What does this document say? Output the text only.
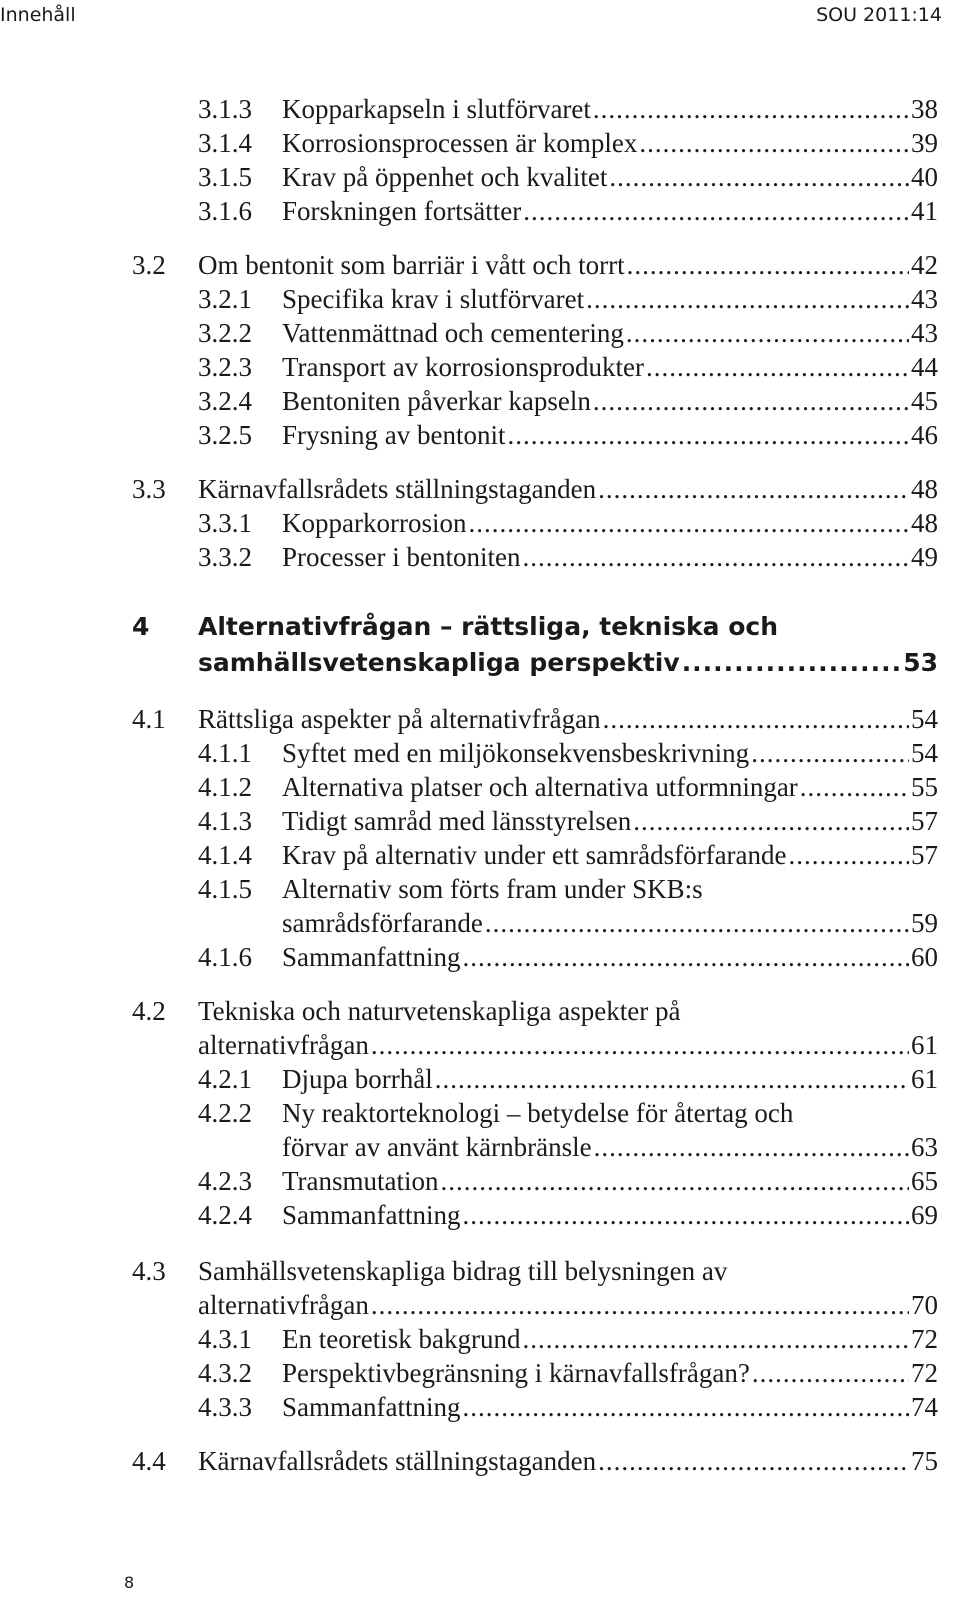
Innehåll	SOU 2011:14
3.1.3 Kopparkapseln i slutförvaret .....	38
3.1.4 Korrosionsprocessen är komplex .....	39
3.1.5 Krav på öppenhet och kvalitet .....	40
3.1.6 Forskningen fortsätter .....	41
3.2 Om bentonit som barriär i vått och torrt .....	42
3.2.1 Specifika krav i slutförvaret .....	43
3.2.2 Vattenmättnad och cementering .....	43
3.2.3 Transport av korrosionsprodukter .....	44
3.2.4 Bentoniten påverkar kapseln .....	45
3.2.5 Frysning av bentonit .....	46
3.3 Kärnavfallsrådets ställningstaganden .....	48
3.3.1 Kopparkorrosion .....	48
3.3.2 Processer i bentoniten .....	49
4 Alternativfrågan – rättsliga, tekniska och
samhällsvetenskapliga perspektiv .....	53
4.1 Rättsliga aspekter på alternativfrågan .....	54
4.1.1 Syftet med en miljökonsekvensbeskrivning .....	54
4.1.2 Alternativa platser och alternativa utformningar .....	55
4.1.3 Tidigt samråd med länsstyrelsen .....	57
4.1.4 Krav på alternativ under ett samrådsförfarande .....	57
4.1.5 Alternativ som förts fram under SKB:s
samrådsförfarande .....	59
4.1.6 Sammanfattning .....	60
4.2 Tekniska och naturvetenskapliga aspekter på
alternativfrågan .....	61
4.2.1 Djupa borrhål .....	61
4.2.2 Ny reaktorteknologi – betydelse för återtag och
förvar av använt kärnbränsle .....	63
4.2.3 Transmutation .....	65
4.2.4 Sammanfattning .....	69
4.3 Samhällsvetenskapliga bidrag till belysningen av
alternativfrågan .....	70
4.3.1 En teoretisk bakgrund .....	72
4.3.2 Perspektivbegränsning i kärnavfallsfrågan? .....	72
4.3.3 Sammanfattning .....	74
4.4 Kärnavfallsrådets ställningstaganden .....	75
8
